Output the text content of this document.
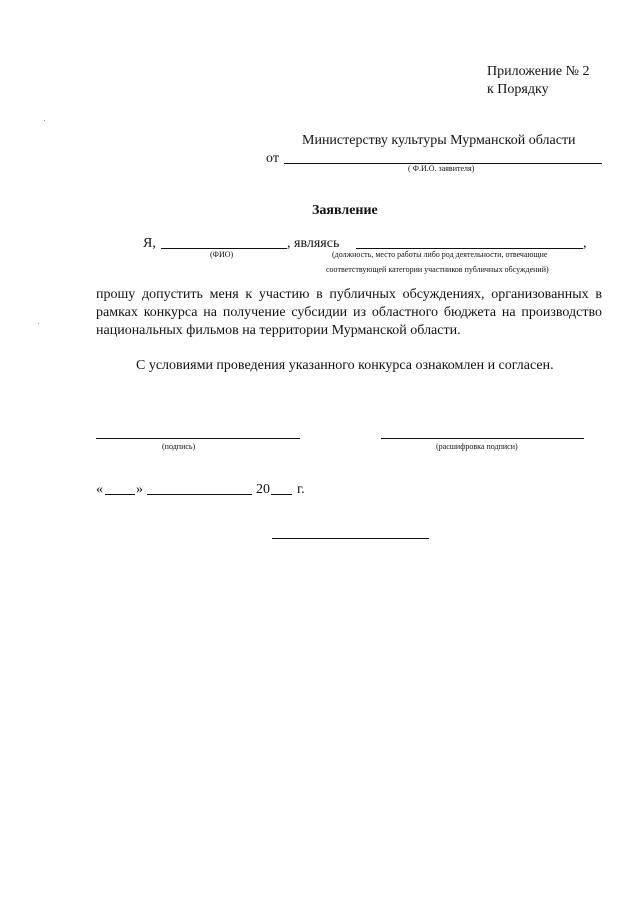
Приложение № 2
к Порядку
Министерству культуры Мурманской области
от
( Ф.И.О. заявителя)
Заявление
Я,	, являясь	,
(ФИО)	(должность, место работы либо род деятельности, отвечающие
соответствующей категории участников публичных обсуждений)
прошу допустить меня к участию в публичных обсуждениях, организованных в рамках конкурса на получение субсидии из областного бюджета на производство национальных фильмов на территории Мурманской области.
С условиями проведения указанного конкурса ознакомлен и согласен.
(подпись)	(расшифровка подписи)
« »	20 г.
